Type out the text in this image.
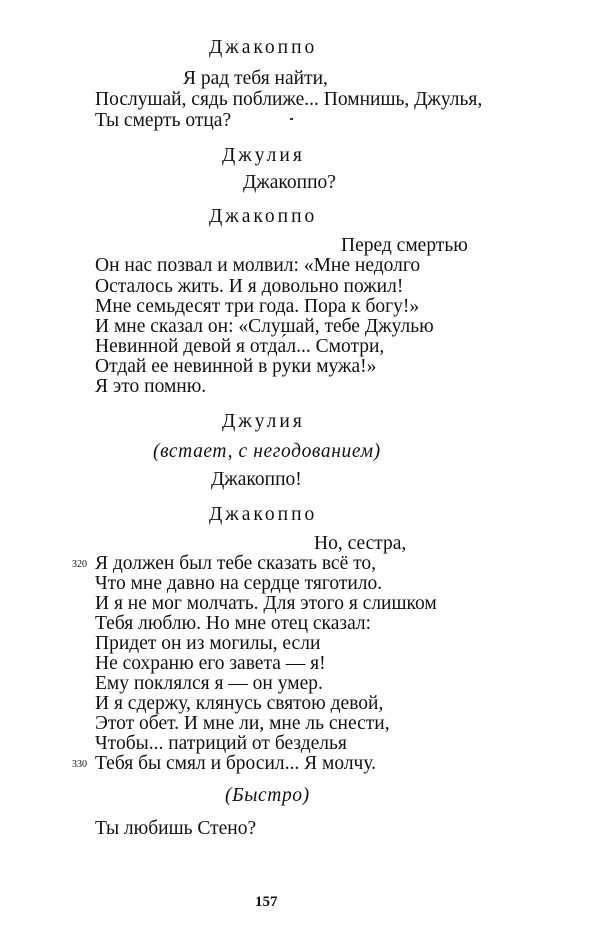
Джакоппо
Я рад тебя найти,
Послушай, сядь поближе... Помнишь, Джулья,
Ты смерть отца?
Джулия
Джакоппо?
Джакоппо
Перед смертью
Он нас позвал и молвил: «Мне недолго
Осталось жить. И я довольно пожил!
Мне семьдесят три года. Пора к богу!»
И мне сказал он: «Слушай, тебе Джулью
Невинной девой я отда́л... Смотри,
Отдай ее невинной в руки мужа!»
Я это помню.
Джулия
(встает, с негодованием)
Джакоппо!
Джакоппо
Но, сестра,
320 Я должен был тебе сказать всё то,
Что мне давно на сердце тяготило.
И я не мог молчать. Для этого я слишком
Тебя люблю. Но мне отец сказал:
Придет он из могилы, если
Не сохраню его завета — я!
Ему поклялся я — он умер.
И я сдержу, клянусь святою девой,
Этот обет. И мне ли, мне ль снести,
Чтобы... патриций от безделья
330 Тебя бы смял и бросил... Я молчу.
(Быстро)
Ты любишь Стено?
157
